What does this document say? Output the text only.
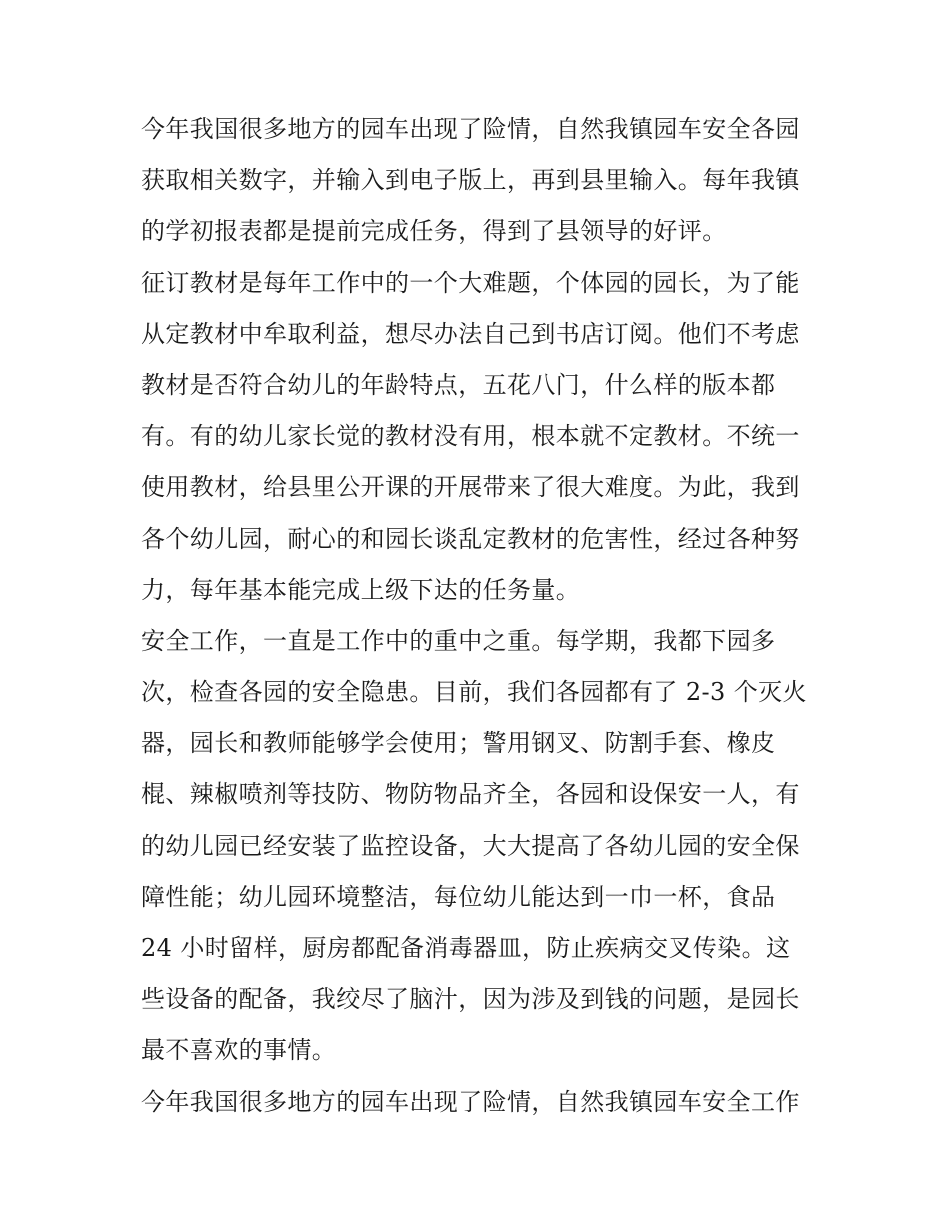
今年我国很多地方的园车出现了险情，自然我镇园车安全各园
获取相关数字，并输入到电子版上，再到县里输入。每年我镇
的学初报表都是提前完成任务，得到了县领导的好评。
征订教材是每年工作中的一个大难题，个体园的园长，为了能
从定教材中牟取利益，想尽办法自己到书店订阅。他们不考虑
教材是否符合幼儿的年龄特点，五花八门，什么样的版本都
有。有的幼儿家长觉的教材没有用，根本就不定教材。不统一
使用教材，给县里公开课的开展带来了很大难度。为此，我到
各个幼儿园，耐心的和园长谈乱定教材的危害性，经过各种努
力，每年基本能完成上级下达的任务量。
安全工作，一直是工作中的重中之重。每学期，我都下园多
次，检查各园的安全隐患。目前，我们各园都有了 2-3 个灭火
器，园长和教师能够学会使用；警用钢叉、防割手套、橡皮
棍、辣椒喷剂等技防、物防物品齐全，各园和设保安一人，有
的幼儿园已经安装了监控设备，大大提高了各幼儿园的安全保
障性能；幼儿园环境整洁，每位幼儿能达到一巾一杯，食品
24 小时留样，厨房都配备消毒器皿，防止疾病交叉传染。这
些设备的配备，我绞尽了脑汁，因为涉及到钱的问题，是园长
最不喜欢的事情。
今年我国很多地方的园车出现了险情，自然我镇园车安全工作
